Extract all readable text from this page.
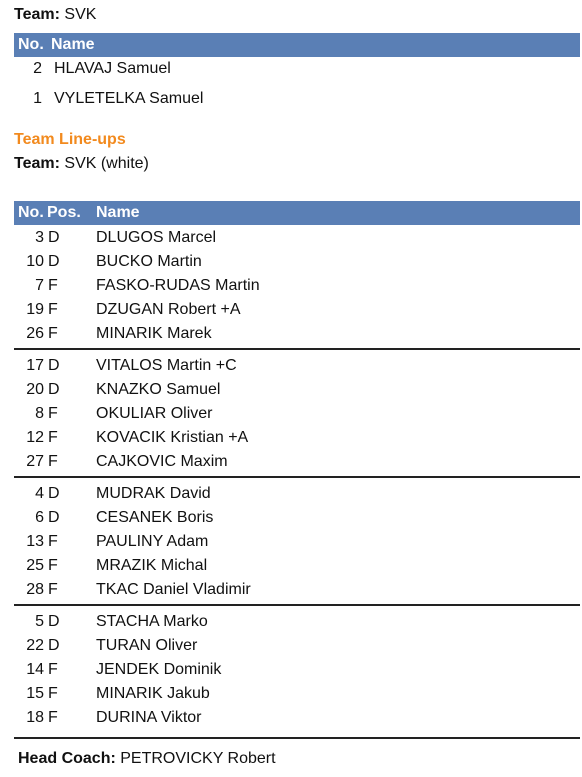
Team: SVK
No. Name
2 HLAVAJ Samuel
1 VYLETELKA Samuel
Team Line-ups
Team: SVK (white)
No. Pos. Name
3 D DLUGOS Marcel
10 D BUCKO Martin
7 F FASKO-RUDAS Martin
19 F DZUGAN Robert +A
26 F MINARIK Marek
17 D VITALOS Martin +C
20 D KNAZKO Samuel
8 F OKULIAR Oliver
12 F KOVACIK Kristian +A
27 F CAJKOVIC Maxim
4 D MUDRAK David
6 D CESANEK Boris
13 F PAULINY Adam
25 F MRAZIK Michal
28 F TKAC Daniel Vladimir
5 D STACHA Marko
22 D TURAN Oliver
14 F JENDEK Dominik
15 F MINARIK Jakub
18 F DURINA Viktor
Head Coach: PETROVICKY Robert
